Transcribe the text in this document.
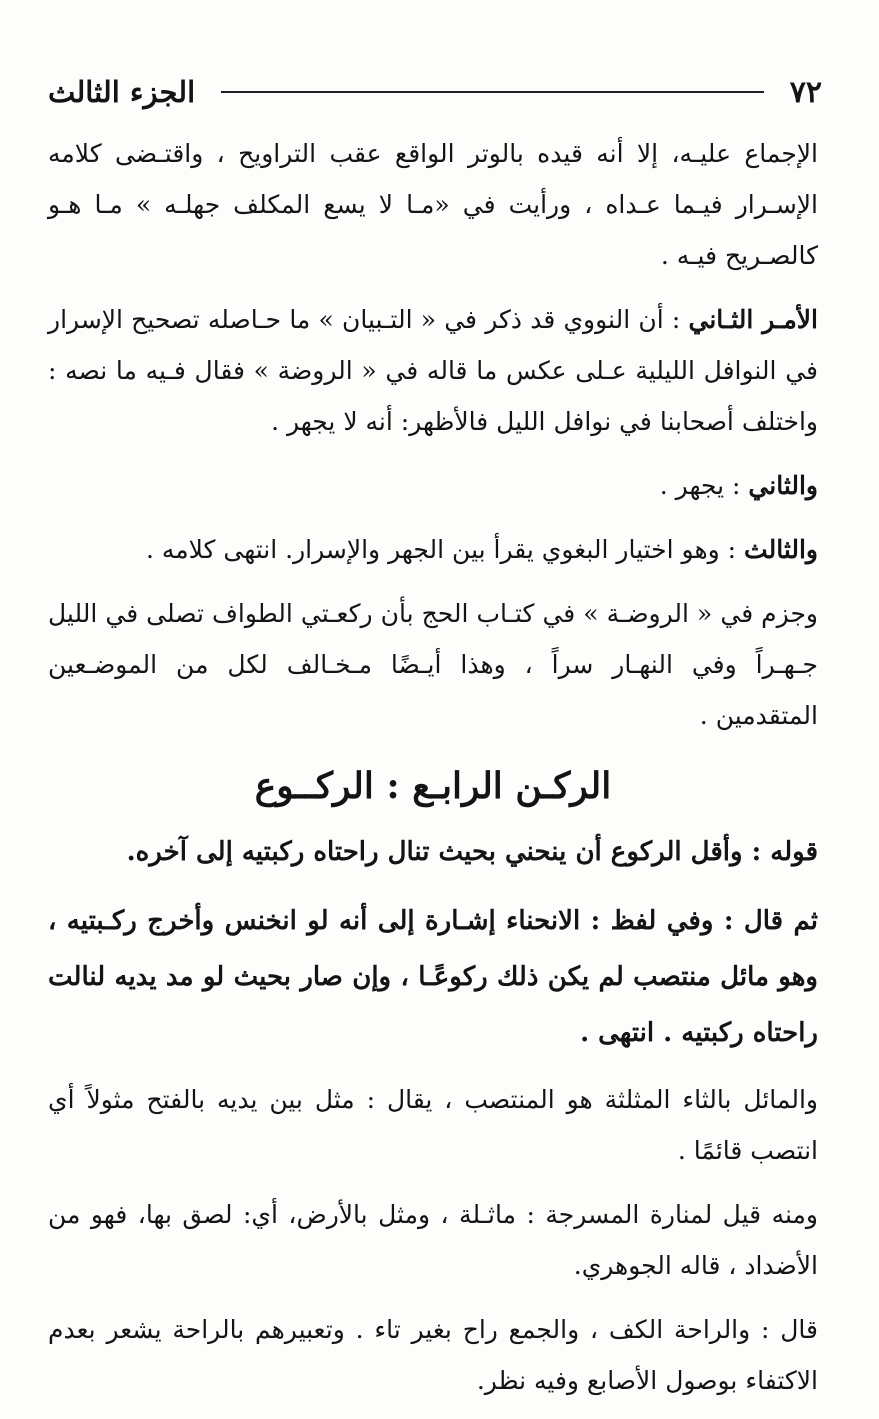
٧٢
الجزء الثالث

الإجماع عليـه، إلا أنه قيده بالوتر الواقع عقب التراويح ، واقتـضى كلامه الإسـرار فيـما عـداه ، ورأيت في «مـا لا يسع المكلف جهلـه » مـا هـو كالصـريح فيـه .

الأمـر الثـاني : أن النووي قد ذكر في « التـبيان » ما حـاصله تصحيح الإسرار في النوافل الليلية عـلى عكس ما قاله في « الروضة » فقال فـيه ما نصه : واختلف أصحابنا في نوافل الليل فالأظهر: أنه لا يجهر .

والثاني : يجهر .

والثالث : وهو اختيار البغوي يقرأ بين الجهر والإسرار. انتهى كلامه .

وجزم في « الروضـة » في كتـاب الحج بأن ركعـتي الطواف تصلى في الليل جـهـراً وفي النهـار سراً ، وهذا أيـضًا مـخـالف لكل من الموضـعين المتقدمين .

الركـن الرابـع : الركــوع

قوله : وأقل الركوع أن ينحني بحيث تنال راحتاه ركبتيه إلى آخره.

ثم قال : وفي لفظ : الانحناء إشـارة إلى أنه لو انخنس وأخرج ركـبتيه ، وهو مائل منتصب لم يكن ذلك ركوعًـا ، وإن صار بحيث لو مد يديه لنالت راحتاه ركبتيه . انتهى .

والمائل بالثاء المثلثة هو المنتصب ، يقال : مثل بين يديه بالفتح مثولاً أي انتصب قائمًا .

ومنه قيل لمنارة المسرجة : ماثـلة ، ومثل بالأرض، أي: لصق بها، فهو من الأضداد ، قاله الجوهري.

قال : والراحة الكف ، والجمع راح بغير تاء . وتعبيرهم بالراحة يشعر بعدم الاكتفاء بوصول الأصابع وفيه نظر.
